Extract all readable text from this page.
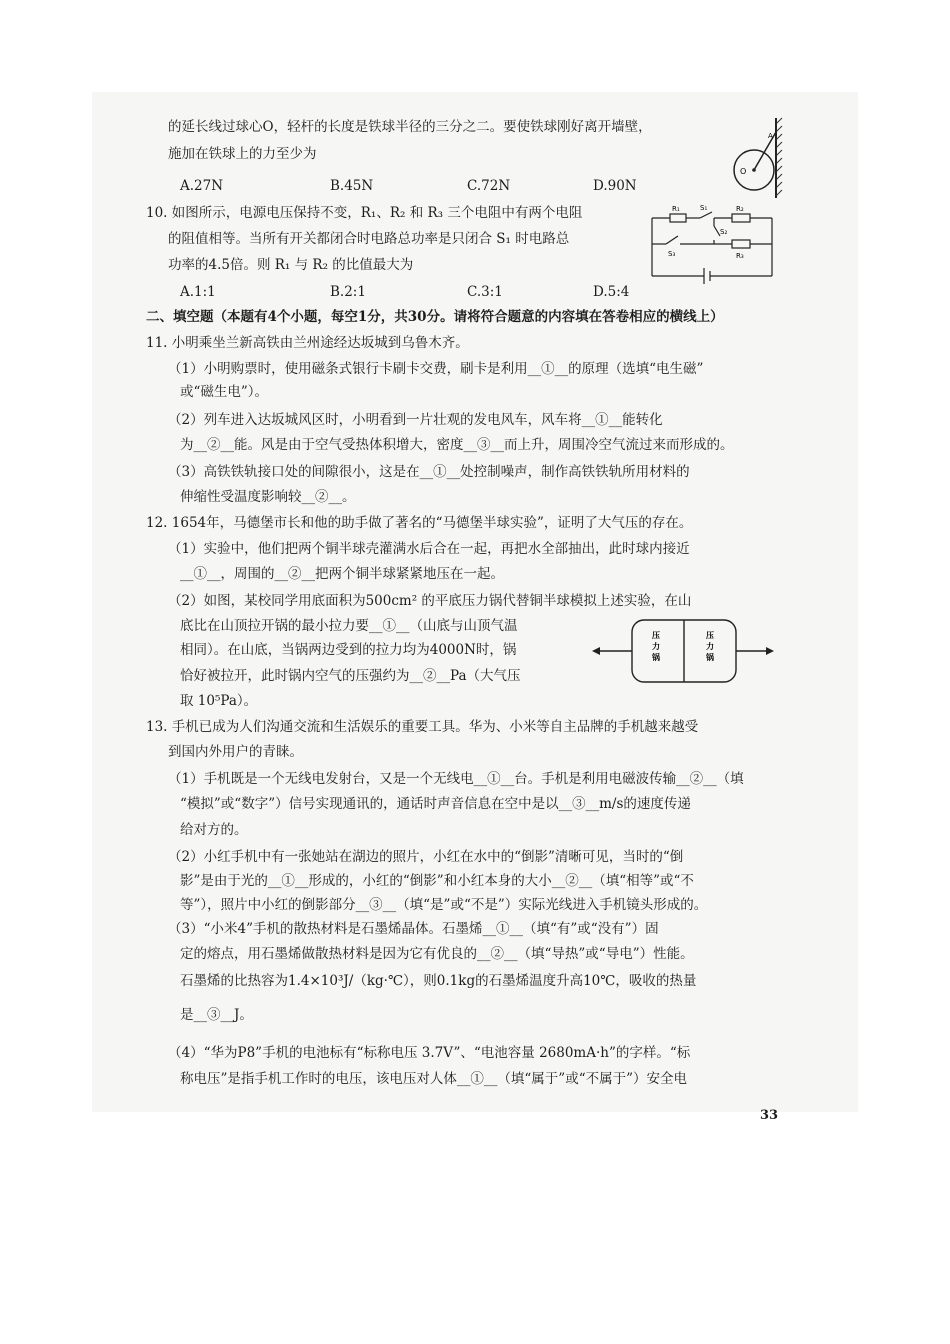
的延长线过球心O，轻杆的长度是铁球半径的三分之二。要使铁球刚好离开墙壁，
施加在铁球上的力至少为
A.27N	B.45N	C.72N	D.90N
O
A
10. 如图所示，电源电压保持不变，R₁、R₂ 和 R₃ 三个电阻中有两个电阻
的阻值相等。当所有开关都闭合时电路总功率是只闭合 S₁ 时电路总
功率的4.5倍。则 R₁ 与 R₂ 的比值最大为
A.1:1	B.2:1	C.3:1	D.5:4
R₁	S₁	R₂
S₂
S₃	R₃
二、填空题（本题有4个小题，每空1分，共30分。请将符合题意的内容填在答卷相应的横线上）
11. 小明乘坐兰新高铁由兰州途经达坂城到乌鲁木齐。
（1）小明购票时，使用磁条式银行卡刷卡交费，刷卡是利用__①__的原理（选填“电生磁”
或“磁生电”）。
（2）列车进入达坂城风区时，小明看到一片壮观的发电风车，风车将__①__能转化
为__②__能。风是由于空气受热体积增大，密度__③__而上升，周围冷空气流过来而形成的。
（3）高铁铁轨接口处的间隙很小，这是在__①__处控制噪声，制作高铁铁轨所用材料的
伸缩性受温度影响较__②__。
12. 1654年，马德堡市长和他的助手做了著名的“马德堡半球实验”，证明了大气压的存在。
（1）实验中，他们把两个铜半球壳灌满水后合在一起，再把水全部抽出，此时球内接近
__①__，周围的__②__把两个铜半球紧紧地压在一起。
（2）如图，某校同学用底面积为500cm² 的平底压力锅代替铜半球模拟上述实验，在山
底比在山顶拉开锅的最小拉力要__①__（山底与山顶气温
相同）。在山底，当锅两边受到的拉力均为4000N时，锅
恰好被拉开，此时锅内空气的压强约为__②__Pa（大气压
取 10⁵Pa）。
压
力
锅
压
力
锅
13. 手机已成为人们沟通交流和生活娱乐的重要工具。华为、小米等自主品牌的手机越来越受
到国内外用户的青睐。
（1）手机既是一个无线电发射台，又是一个无线电__①__台。手机是利用电磁波传输__②__（填
“模拟”或“数字”）信号实现通讯的，通话时声音信息在空中是以__③__m/s的速度传递
给对方的。
（2）小红手机中有一张她站在湖边的照片，小红在水中的“倒影”清晰可见，当时的“倒
影”是由于光的__①__形成的，小红的“倒影”和小红本身的大小__②__（填“相等”或“不
等”），照片中小红的倒影部分__③__（填“是”或“不是”）实际光线进入手机镜头形成的。
（3）“小米4”手机的散热材料是石墨烯晶体。石墨烯__①__（填“有”或“没有”）固
定的熔点，用石墨烯做散热材料是因为它有优良的__②__（填“导热”或“导电”）性能。
石墨烯的比热容为1.4×10³J/（kg·℃），则0.1kg的石墨烯温度升高10℃，吸收的热量
是__③__J。
（4）“华为P8”手机的电池标有“标称电压 3.7V”、“电池容量 2680mA·h”的字样。“标
称电压”是指手机工作时的电压，该电压对人体__①__（填“属于”或“不属于”）安全电
33
